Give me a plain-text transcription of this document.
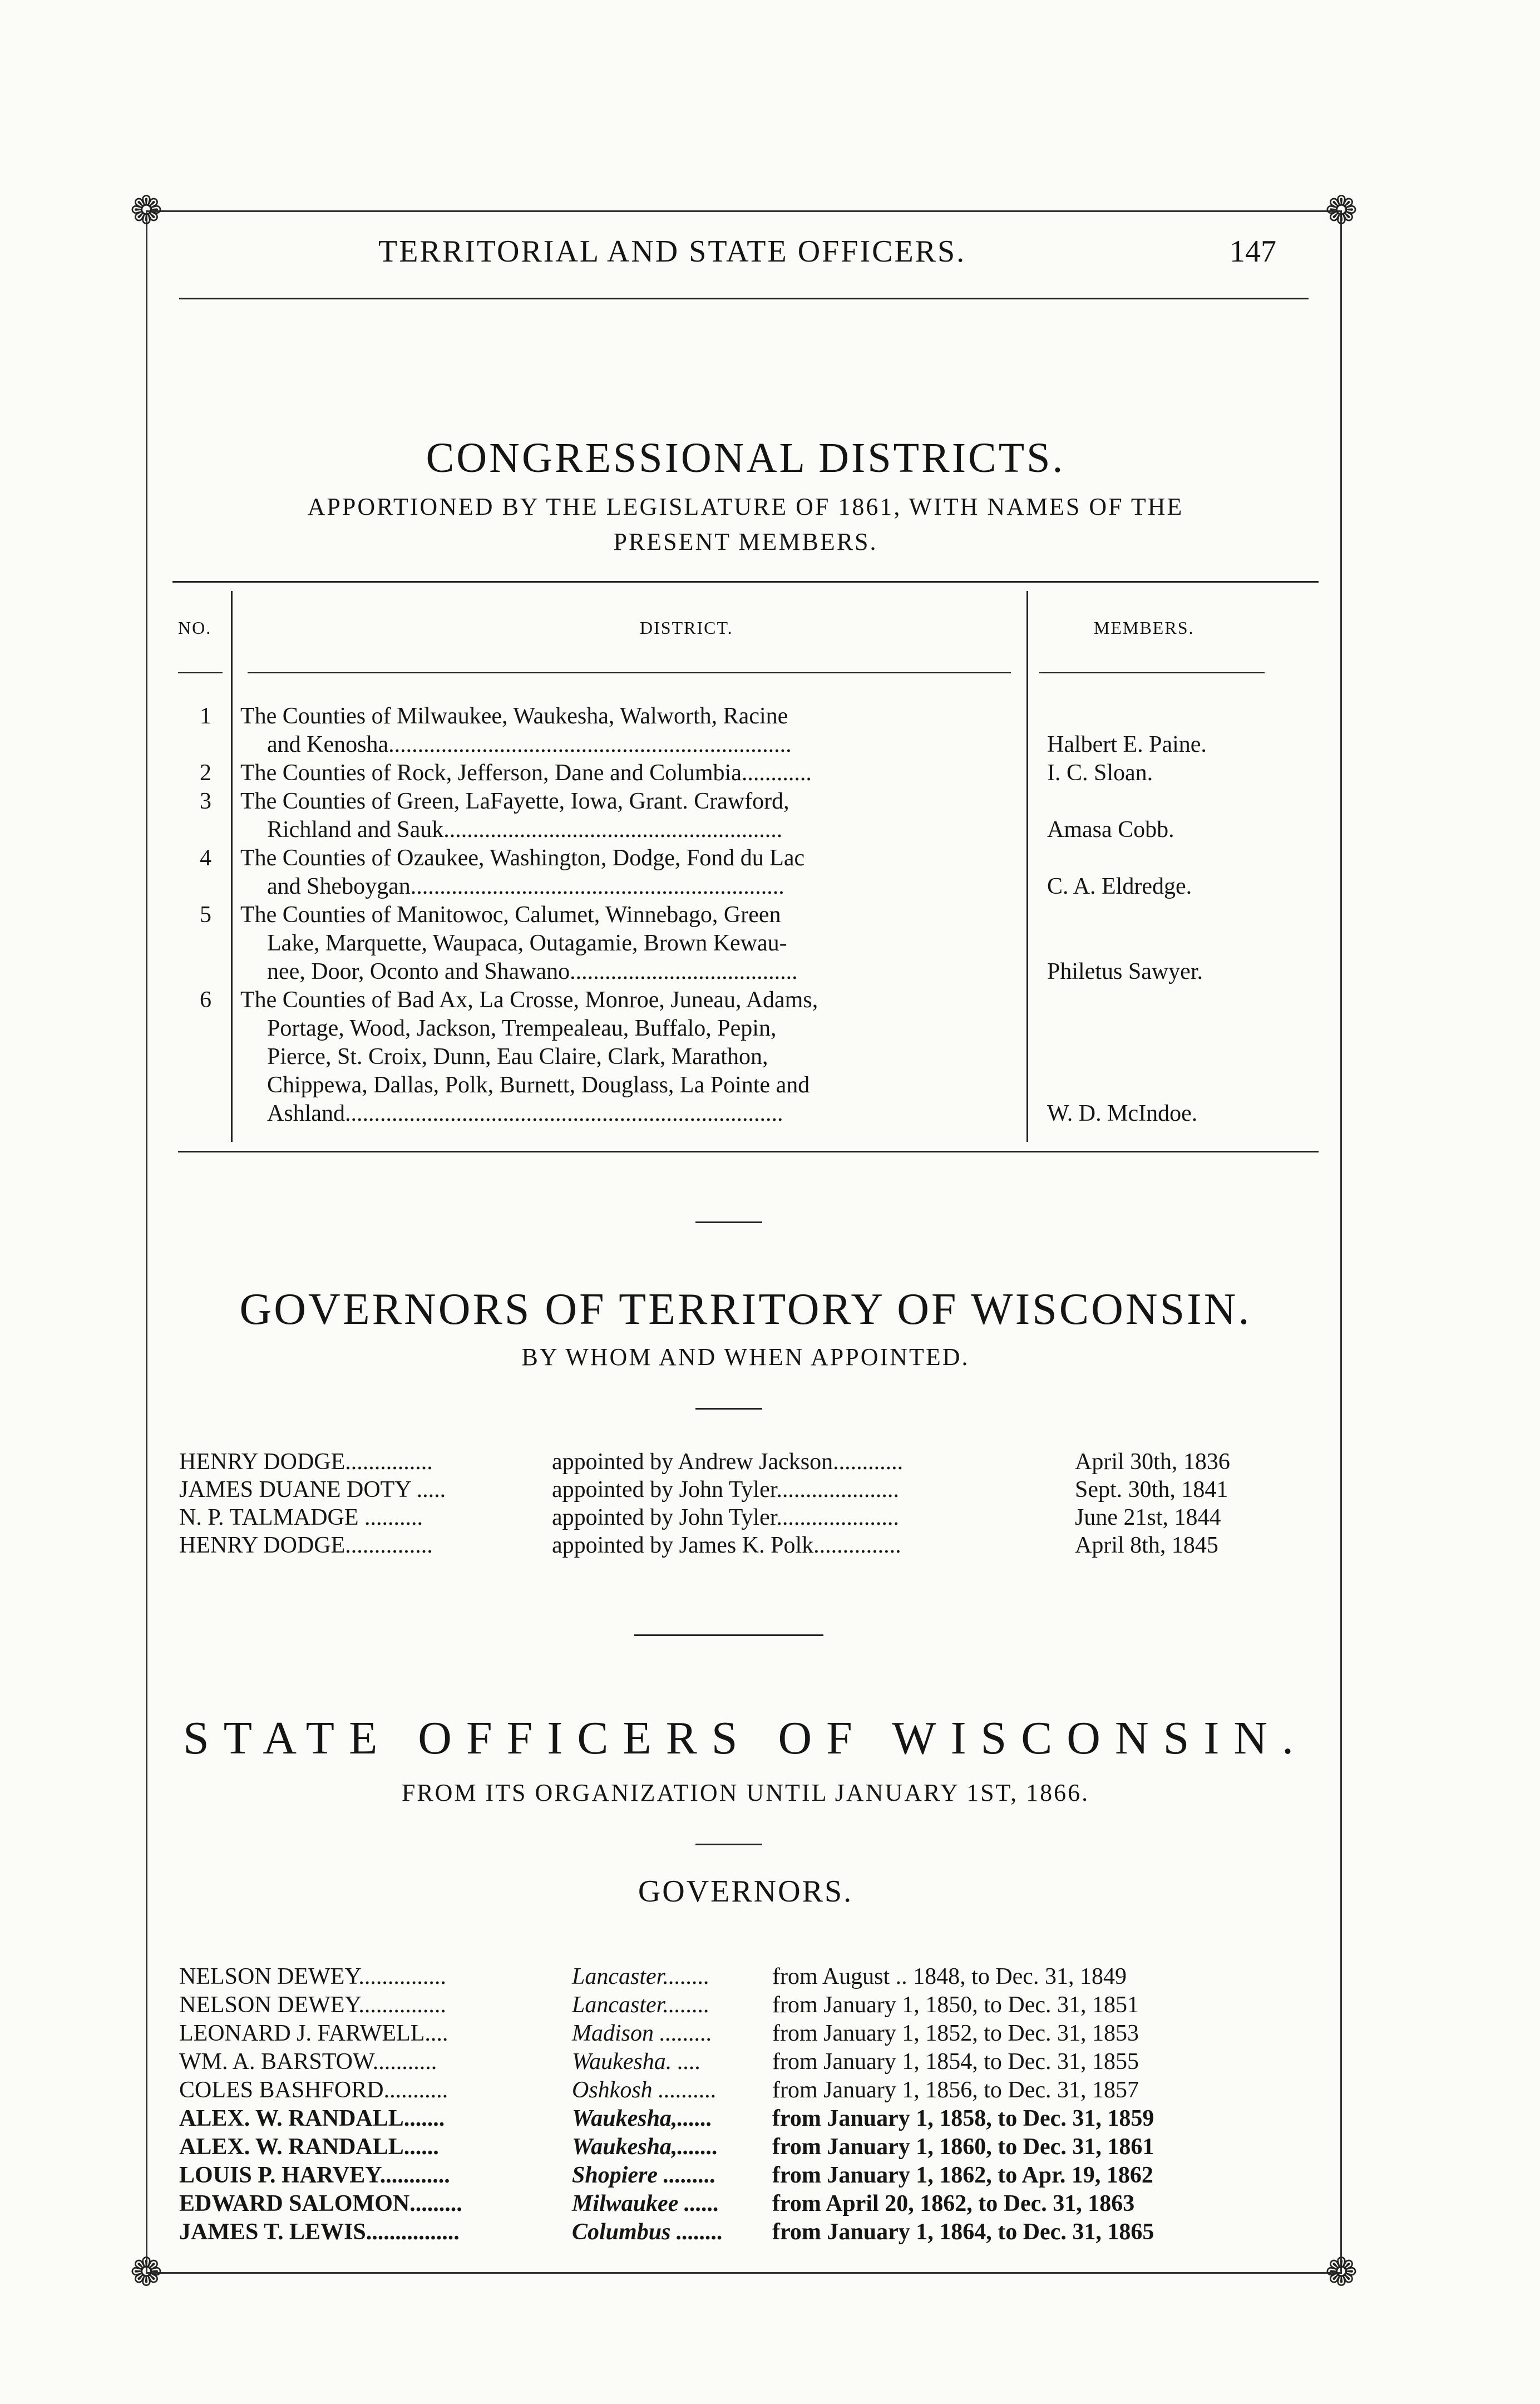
❁	❁
❁	❁
TERRITORIAL AND STATE OFFICERS.	147
CONGRESSIONAL DISTRICTS.
APPORTIONED BY THE LEGISLATURE OF 1861, WITH NAMES OF THE
PRESENT MEMBERS.
NO.	DISTRICT.	MEMBERS.
1 The Counties of Milwaukee, Waukesha, Walworth, Racine
and Kenosha.....................................................................	Halbert E. Paine.
2 The Counties of Rock, Jefferson, Dane and Columbia............	I. C. Sloan.
3 The Counties of Green, LaFayette, Iowa, Grant. Crawford,
Richland and Sauk..........................................................	Amasa Cobb.
4 The Counties of Ozaukee, Washington, Dodge, Fond du Lac
and Sheboygan................................................................	C. A. Eldredge.
5 The Counties of Manitowoc, Calumet, Winnebago, Green
Lake, Marquette, Waupaca, Outagamie, Brown Kewau-
nee, Door, Oconto and Shawano.......................................	Philetus Sawyer.
6 The Counties of Bad Ax, La Crosse, Monroe, Juneau, Adams,
Portage, Wood, Jackson, Trempealeau, Buffalo, Pepin,
Pierce, St. Croix, Dunn, Eau Claire, Clark, Marathon,
Chippewa, Dallas, Polk, Burnett, Douglass, La Pointe and
Ashland...........................................................................	W. D. McIndoe.
GOVERNORS OF TERRITORY OF WISCONSIN.
BY WHOM AND WHEN APPOINTED.
HENRY DODGE...............	appointed by Andrew Jackson............	April 30th, 1836
JAMES DUANE DOTY .....	appointed by John Tyler.....................	Sept. 30th, 1841
N. P. TALMADGE ..........	appointed by John Tyler.....................	June 21st, 1844
HENRY DODGE...............	appointed by James K. Polk...............	April 8th, 1845
STATE OFFICERS OF WISCONSIN.
FROM ITS ORGANIZATION UNTIL JANUARY 1ST, 1866.
GOVERNORS.
NELSON DEWEY...............	Lancaster........	from August .. 1848, to Dec. 31, 1849
NELSON DEWEY...............	Lancaster........	from January 1, 1850, to Dec. 31, 1851
LEONARD J. FARWELL....	Madison .........	from January 1, 1852, to Dec. 31, 1853
WM. A. BARSTOW...........	Waukesha. ....	from January 1, 1854, to Dec. 31, 1855
COLES BASHFORD...........	Oshkosh .......... from January 1, 1856, to Dec. 31, 1857
ALEX. W. RANDALL.......	Waukesha,......	from January 1, 1858, to Dec. 31, 1859
ALEX. W. RANDALL......	Waukesha,....... from January 1, 1860, to Dec. 31, 1861
LOUIS P. HARVEY............	Shopiere ......... from January 1, 1862, to Apr. 19, 1862
EDWARD SALOMON.........	Milwaukee ...... from April 20, 1862, to Dec. 31, 1863
JAMES T. LEWIS................	Columbus ........ from January 1, 1864, to Dec. 31, 1865
